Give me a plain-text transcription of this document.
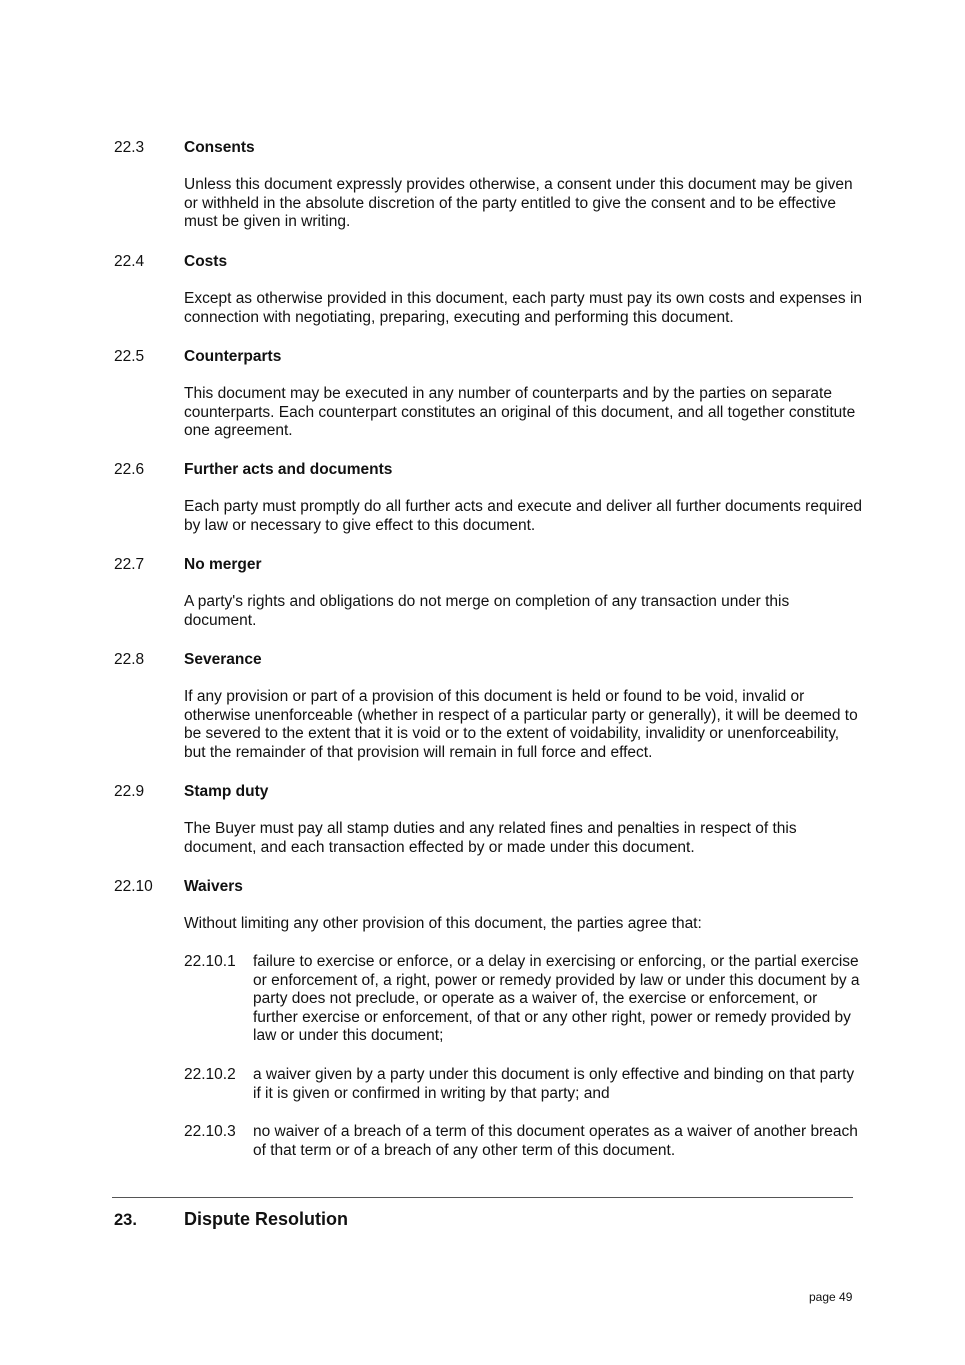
22.3	Consents

Unless this document expressly provides otherwise, a consent under this document may be given or withheld in the absolute discretion of the party entitled to give the consent and to be effective must be given in writing.

22.4	Costs

Except as otherwise provided in this document, each party must pay its own costs and expenses in connection with negotiating, preparing, executing and performing this document.

22.5	Counterparts

This document may be executed in any number of counterparts and by the parties on separate counterparts. Each counterpart constitutes an original of this document, and all together constitute one agreement.

22.6	Further acts and documents

Each party must promptly do all further acts and execute and deliver all further documents required by law or necessary to give effect to this document.

22.7	No merger

A party's rights and obligations do not merge on completion of any transaction under this document.

22.8	Severance

If any provision or part of a provision of this document is held or found to be void, invalid or otherwise unenforceable (whether in respect of a particular party or generally), it will be deemed to be severed to the extent that it is void or to the extent of voidability, invalidity or unenforceability, but the remainder of that provision will remain in full force and effect.

22.9	Stamp duty

The Buyer must pay all stamp duties and any related fines and penalties in respect of this document, and each transaction effected by or made under this document.

22.10 Waivers

Without limiting any other provision of this document, the parties agree that:

22.10.1 failure to exercise or enforce, or a delay in exercising or enforcing, or the partial exercise or enforcement of, a right, power or remedy provided by law or under this document by a party does not preclude, or operate as a waiver of, the exercise or enforcement, or further exercise or enforcement, of that or any other right, power or remedy provided by law or under this document;

22.10.2 a waiver given by a party under this document is only effective and binding on that party if it is given or confirmed in writing by that party; and

22.10.3 no waiver of a breach of a term of this document operates as a waiver of another breach of that term or of a breach of any other term of this document.

23.	Dispute Resolution
page 49
